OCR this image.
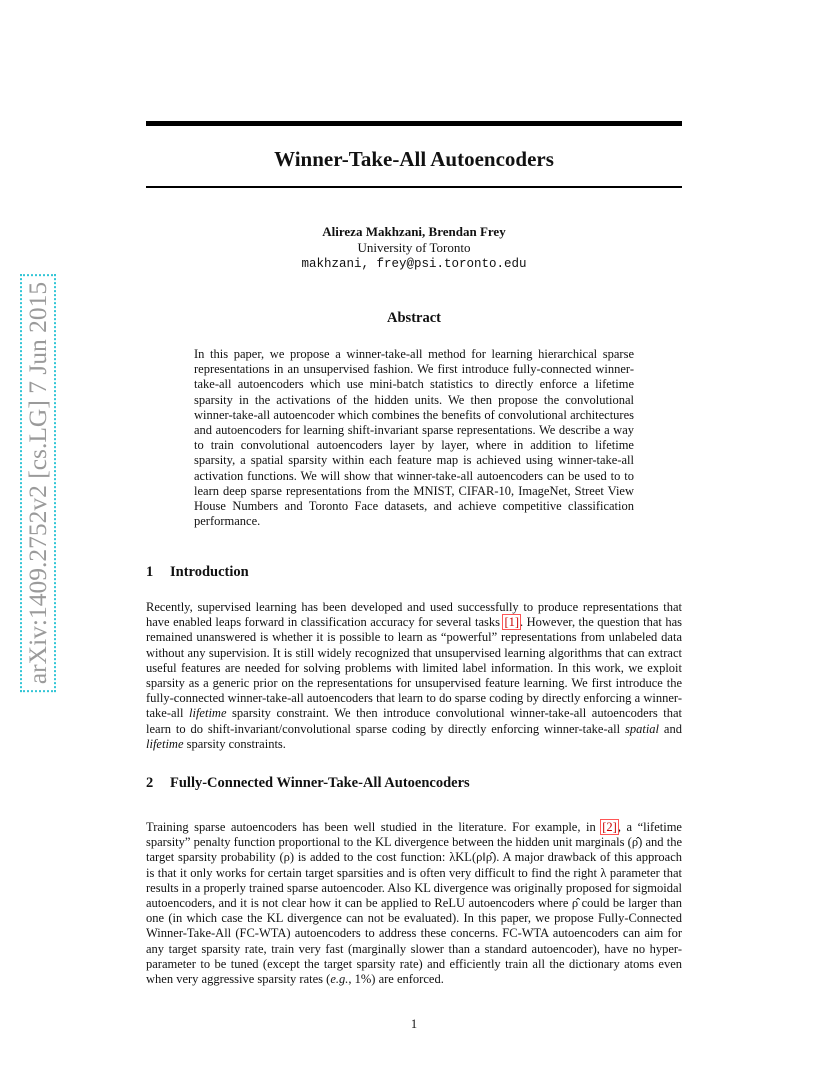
arXiv:1409.2752v2 [cs.LG] 7 Jun 2015
Winner-Take-All Autoencoders
Alireza Makhzani, Brendan Frey
University of Toronto
makhzani, frey@psi.toronto.edu
Abstract

In this paper, we propose a winner-take-all method for learning hierarchical sparse representations in an unsupervised fashion. We first introduce fully-connected winner-take-all autoencoders which use mini-batch statistics to directly enforce a lifetime sparsity in the activations of the hidden units. We then propose the convolutional winner-take-all autoencoder which combines the benefits of convolutional architectures and autoencoders for learning shift-invariant sparse representations. We describe a way to train convolutional autoencoders layer by layer, where in addition to lifetime sparsity, a spatial sparsity within each feature map is achieved using winner-take-all activation functions. We will show that winner-take-all autoencoders can be used to to learn deep sparse representations from the MNIST, CIFAR-10, ImageNet, Street View House Numbers and Toronto Face datasets, and achieve competitive classification performance.

1 Introduction

Recently, supervised learning has been developed and used successfully to produce representations that have enabled leaps forward in classification accuracy for several tasks [1]. However, the question that has remained unanswered is whether it is possible to learn as “powerful” representations from unlabeled data without any supervision. It is still widely recognized that unsupervised learning algorithms that can extract useful features are needed for solving problems with limited label information. In this work, we exploit sparsity as a generic prior on the representations for unsupervised feature learning. We first introduce the fully-connected winner-take-all autoencoders that learn to do sparse coding by directly enforcing a winner-take-all lifetime sparsity constraint. We then introduce convolutional winner-take-all autoencoders that learn to do shift-invariant/convolutional sparse coding by directly enforcing winner-take-all spatial and lifetime sparsity constraints.

2 Fully-Connected Winner-Take-All Autoencoders

Training sparse autoencoders has been well studied in the literature. For example, in [2], a “lifetime sparsity” penalty function proportional to the KL divergence between the hidden unit marginals (ρ̂) and the target sparsity probability (ρ) is added to the cost function: λKL(ρ‖ρ̂). A major drawback of this approach is that it only works for certain target sparsities and is often very difficult to find the right λ parameter that results in a properly trained sparse autoencoder. Also KL divergence was originally proposed for sigmoidal autoencoders, and it is not clear how it can be applied to ReLU autoencoders where ρ̂ could be larger than one (in which case the KL divergence can not be evaluated). In this paper, we propose Fully-Connected Winner-Take-All (FC-WTA) autoencoders to address these concerns. FC-WTA autoencoders can aim for any target sparsity rate, train very fast (marginally slower than a standard autoencoder), have no hyper-parameter to be tuned (except the target sparsity rate) and efficiently train all the dictionary atoms even when very aggressive sparsity rates (e.g., 1%) are enforced.

1
